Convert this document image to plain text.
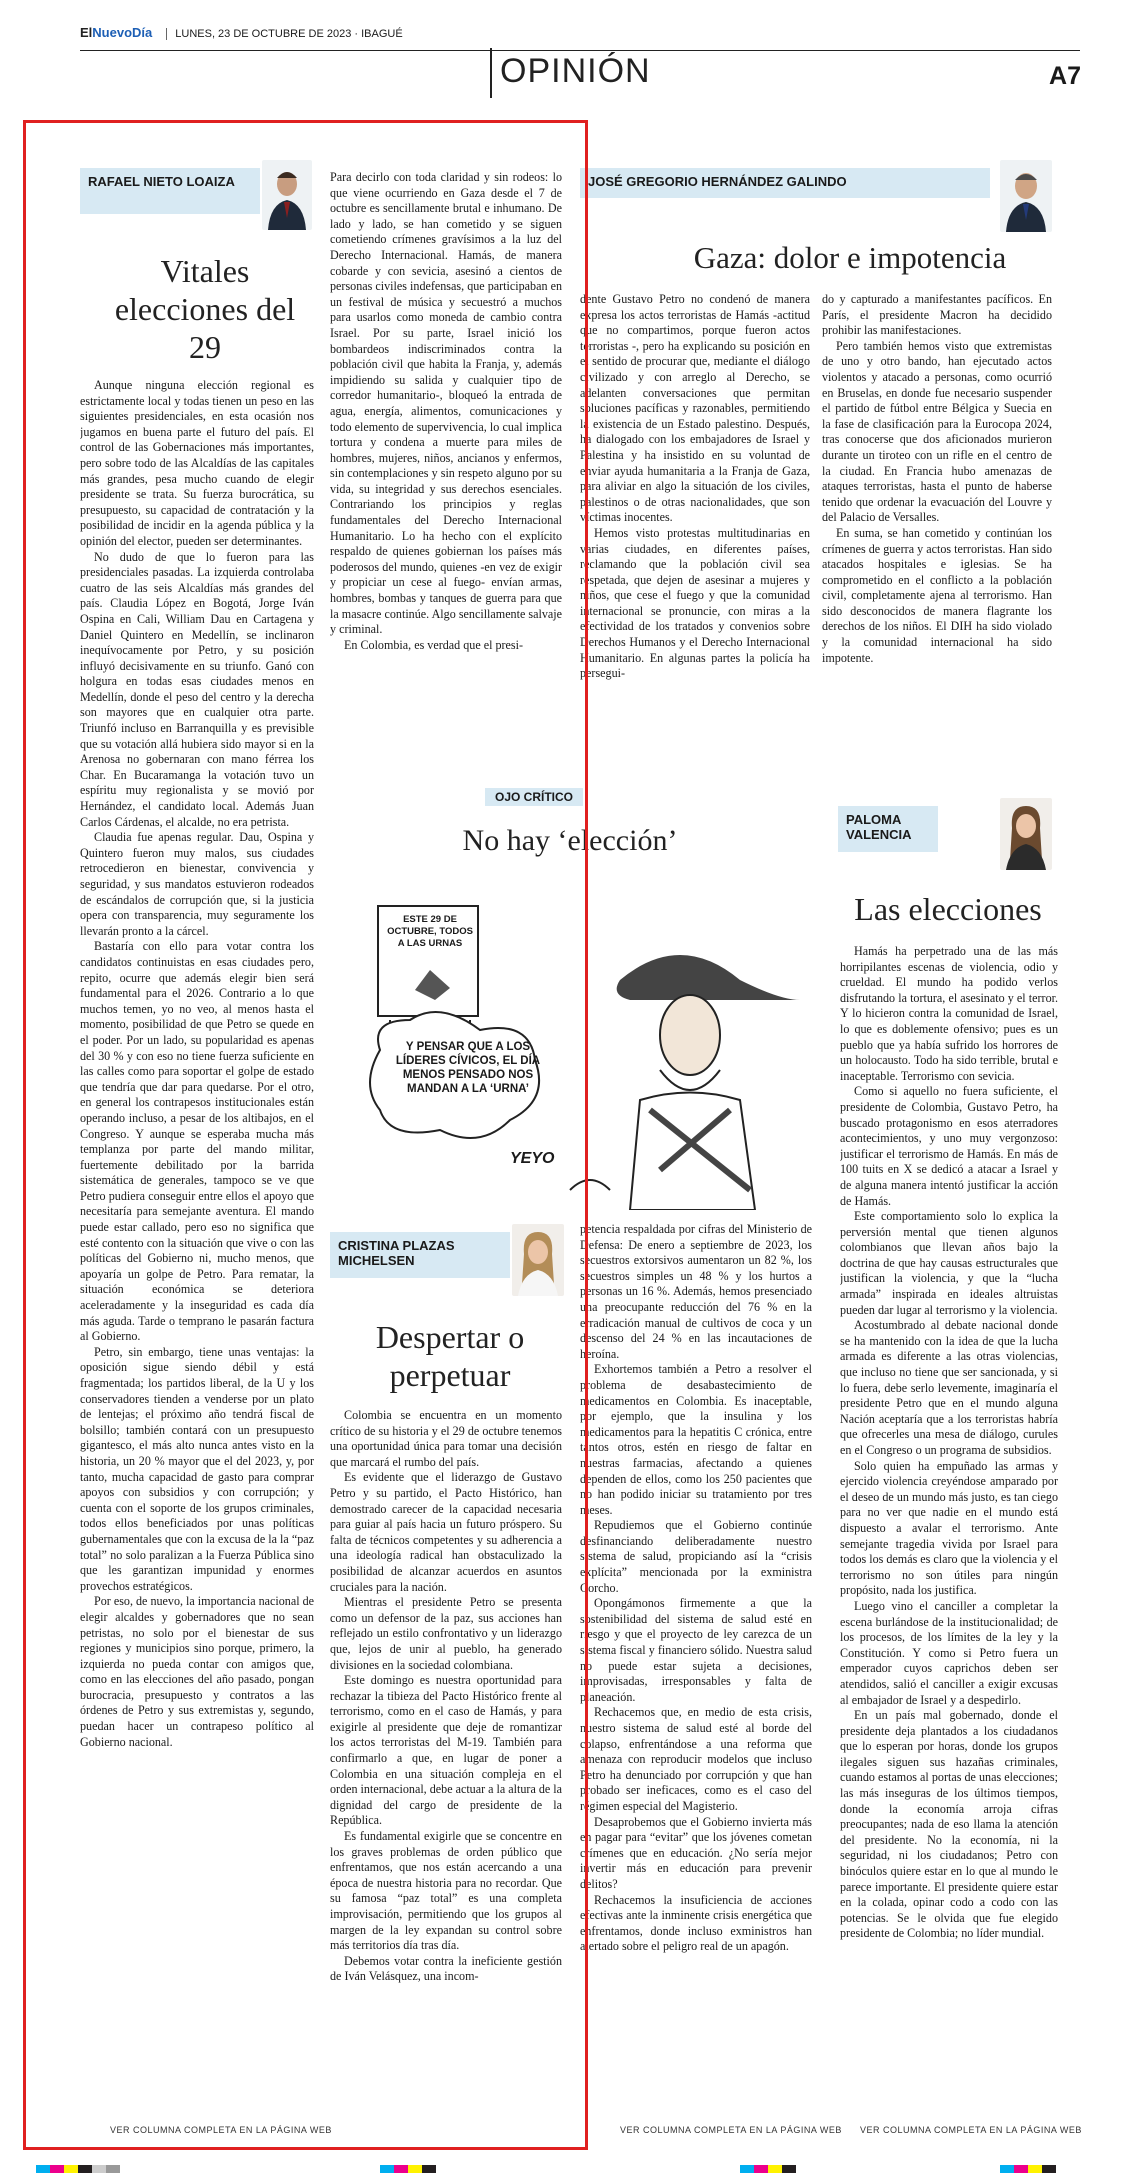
ElNuevoDía LUNES, 23 DE OCTUBRE DE 2023 · IBAGUÉ
OPINIÓN	A7
RAFAEL NIETO LOAIZA
Vitales elecciones del 29

Aunque ninguna elección regional es estrictamente local y todas tienen un peso en las siguientes presidenciales, en esta ocasión nos jugamos en buena parte el futuro del país. El control de las Gobernaciones más importantes, pero sobre todo de las Alcaldías de las capitales más grandes, pesa mucho cuando de elegir presidente se trata. Su fuerza burocrática, su presupuesto, su capacidad de contratación y la posibilidad de incidir en la agenda pública y la opinión del elector, pueden ser determinantes.

No dudo de que lo fueron para las presidenciales pasadas. La izquierda controlaba cuatro de las seis Alcaldías más grandes del país. Claudia López en Bogotá, Jorge Iván Ospina en Cali, William Dau en Cartagena y Daniel Quintero en Medellín, se inclinaron inequívocamente por Petro, y su posición influyó decisivamente en su triunfo. Ganó con holgura en todas esas ciudades menos en Medellín, donde el peso del centro y la derecha son mayores que en cualquier otra parte. Triunfó incluso en Barranquilla y es previsible que su votación allá hubiera sido mayor si en la Arenosa no gobernaran con mano férrea los Char. En Bucaramanga la votación tuvo un espíritu muy regionalista y se movió por Hernández, el candidato local. Además Juan Carlos Cárdenas, el alcalde, no era petrista.

Claudia fue apenas regular. Dau, Ospina y Quintero fueron muy malos, sus ciudades retrocedieron en bienestar, convivencia y seguridad, y sus mandatos estuvieron rodeados de escándalos de corrupción que, si la justicia opera con transparencia, muy seguramente los llevarán pronto a la cárcel.

Bastaría con ello para votar contra los candidatos continuistas en esas ciudades pero, repito, ocurre que además elegir bien será fundamental para el 2026. Contrario a lo que muchos temen, yo no veo, al menos hasta el momento, posibilidad de que Petro se quede en el poder. Por un lado, su popularidad es apenas del 30 % y con eso no tiene fuerza suficiente en las calles como para soportar el golpe de estado que tendría que dar para quedarse. Por el otro, en general los contrapesos institucionales están operando incluso, a pesar de los altibajos, en el Congreso. Y aunque se esperaba mucha más templanza por parte del mando militar, fuertemente debilitado por la barrida sistemática de generales, tampoco se ve que Petro pudiera conseguir entre ellos el apoyo que necesitaría para semejante aventura. El mando puede estar callado, pero eso no significa que esté contento con la situación que vive o con las políticas del Gobierno ni, mucho menos, que apoyaría un golpe de Petro. Para rematar, la situación económica se deteriora aceleradamente y la inseguridad es cada día más aguda. Tarde o temprano le pasarán factura al Gobierno.

Petro, sin embargo, tiene unas ventajas: la oposición sigue siendo débil y está fragmentada; los partidos liberal, de la U y los conservadores tienden a venderse por un plato de lentejas; el próximo año tendrá fiscal de bolsillo; también contará con un presupuesto gigantesco, el más alto nunca antes visto en la historia, un 20 % mayor que el del 2023, y, por tanto, mucha capacidad de gasto para comprar apoyos con subsidios y con corrupción; y cuenta con el soporte de los grupos criminales, todos ellos beneficiados por unas políticas gubernamentales que con la excusa de la la “paz total” no solo paralizan a la Fuerza Pública sino que les garantizan impunidad y enormes provechos estratégicos.

Por eso, de nuevo, la importancia nacional de elegir alcaldes y gobernadores que no sean petristas, no solo por el bienestar de sus regiones y municipios sino porque, primero, la izquierda no pueda contar con amigos que, como en las elecciones del año pasado, pongan burocracia, presupuesto y contratos a las órdenes de Petro y sus extremistas y, segundo, puedan hacer un contrapeso político al Gobierno nacional.

VER COLUMNA COMPLETA EN LA PÁGINA WEB

Para decirlo con toda claridad y sin rodeos: lo que viene ocurriendo en Gaza desde el 7 de octubre es sencillamente brutal e inhumano. De lado y lado, se han cometido y se siguen cometiendo crímenes gravísimos a la luz del Derecho Internacional. Hamás, de manera cobarde y con sevicia, asesinó a cientos de personas civiles indefensas, que participaban en un festival de música y secuestró a muchos para usarlos como moneda de cambio contra Israel. Por su parte, Israel inició los bombardeos indiscriminados contra la población civil que habita la Franja, y, además impidiendo su salida y cualquier tipo de corredor humanitario-, bloqueó la entrada de agua, energía, alimentos, comunicaciones y todo elemento de supervivencia, lo cual implica tortura y condena a muerte para miles de hombres, mujeres, niños, ancianos y enfermos, sin contemplaciones y sin respeto alguno por su vida, su integridad y sus derechos esenciales. Contrariando los principios y reglas fundamentales del Derecho Internacional Humanitario. Lo ha hecho con el explícito respaldo de quienes gobiernan los países más poderosos del mundo, quienes -en vez de exigir y propiciar un cese al fuego- envían armas, hombres, bombas y tanques de guerra para que la masacre continúe. Algo sencillamente salvaje y criminal.

En Colombia, es verdad que el presi-

JOSÉ GREGORIO HERNÁNDEZ GALINDO
Gaza: dolor e impotencia

dente Gustavo Petro no condenó de manera expresa los actos terroristas de Hamás -actitud que no compartimos, porque fueron actos terroristas -, pero ha explicando su posición en el sentido de procurar que, mediante el diálogo civilizado y con arreglo al Derecho, se adelanten conversaciones que permitan soluciones pacíficas y razonables, permitiendo la existencia de un Estado palestino. Después, ha dialogado con los embajadores de Israel y Palestina y ha insistido en su voluntad de enviar ayuda humanitaria a la Franja de Gaza, para aliviar en algo la situación de los civiles, palestinos o de otras nacionalidades, que son víctimas inocentes.

Hemos visto protestas multitudinarias en varias ciudades, en diferentes países, reclamando que la población civil sea respetada, que dejen de asesinar a mujeres y niños, que cese el fuego y que la comunidad internacional se pronuncie, con miras a la efectividad de los tratados y convenios sobre Derechos Humanos y el Derecho Internacional Humanitario. En algunas partes la policía ha persegui-

do y capturado a manifestantes pacíficos. En París, el presidente Macron ha decidido prohibir las manifestaciones.

Pero también hemos visto que extremistas de uno y otro bando, han ejecutado actos violentos y atacado a personas, como ocurrió en Bruselas, en donde fue necesario suspender el partido de fútbol entre Bélgica y Suecia en la fase de clasificación para la Eurocopa 2024, tras conocerse que dos aficionados murieron durante un tiroteo con un rifle en el centro de la ciudad. En Francia hubo amenazas de ataques terroristas, hasta el punto de haberse tenido que ordenar la evacuación del Louvre y del Palacio de Versalles.

En suma, se han cometido y continúan los crímenes de guerra y actos terroristas. Han sido atacados hospitales e iglesias. Se ha comprometido en el conflicto a la población civil, completamente ajena al terrorismo. Han sido desconocidos de manera flagrante los derechos de los niños. El DIH ha sido violado y la comunidad internacional ha sido impotente.

OJO CRÍTICO
No hay ‘elección’
ESTE 29 DE OCTUBRE, TODOS A LAS URNAS
Y PENSAR QUE A LOS LÍDERES CÍVICOS, EL DÍA MENOS PENSADO NOS MANDAN A LA ‘URNA’
YEYO
CRISTINA PLAZAS MICHELSEN
Despertar o perpetuar

Colombia se encuentra en un momento crítico de su historia y el 29 de octubre tenemos una oportunidad única para tomar una decisión que marcará el rumbo del país.

Es evidente que el liderazgo de Gustavo Petro y su partido, el Pacto Histórico, han demostrado carecer de la capacidad necesaria para guiar al país hacia un futuro próspero. Su falta de técnicos competentes y su adherencia a una ideología radical han obstaculizado la posibilidad de alcanzar acuerdos en asuntos cruciales para la nación.

Mientras el presidente Petro se presenta como un defensor de la paz, sus acciones han reflejado un estilo confrontativo y un liderazgo que, lejos de unir al pueblo, ha generado divisiones en la sociedad colombiana.

Este domingo es nuestra oportunidad para rechazar la tibieza del Pacto Histórico frente al terrorismo, como en el caso de Hamás, y para exigirle al presidente que deje de romantizar los actos terroristas del M-19. También para confirmarlo a que, en lugar de poner a Colombia en una situación compleja en el orden internacional, debe actuar a la altura de la dignidad del cargo de presidente de la República.

Es fundamental exigirle que se concentre en los graves problemas de orden público que enfrentamos, que nos están acercando a una época de nuestra historia para no recordar. Que su famosa “paz total” es una completa improvisación, permitiendo que los grupos al margen de la ley expandan su control sobre más territorios día tras día.

Debemos votar contra la ineficiente gestión de Iván Velásquez, una incom-

petencia respaldada por cifras del Ministerio de Defensa: De enero a septiembre de 2023, los secuestros extorsivos aumentaron un 82 %, los secuestros simples un 48 % y los hurtos a personas un 16 %. Además, hemos presenciado una preocupante reducción del 76 % en la erradicación manual de cultivos de coca y un descenso del 24 % en las incautaciones de heroína.

Exhortemos también a Petro a resolver el problema de desabastecimiento de medicamentos en Colombia. Es inaceptable, por ejemplo, que la insulina y los medicamentos para la hepatitis C crónica, entre tantos otros, estén en riesgo de faltar en nuestras farmacias, afectando a quienes dependen de ellos, como los 250 pacientes que no han podido iniciar su tratamiento por tres meses.

Repudiemos que el Gobierno continúe desfinanciando deliberadamente nuestro sistema de salud, propiciando así la “crisis explícita” mencionada por la exministra Corcho.

Opongámonos firmemente a que la sostenibilidad del sistema de salud esté en riesgo y que el proyecto de ley carezca de un sistema fiscal y financiero sólido. Nuestra salud no puede estar sujeta a decisiones, improvisadas, irresponsables y falta de planeación.

Rechacemos que, en medio de esta crisis, nuestro sistema de salud esté al borde del colapso, enfrentándose a una reforma que amenaza con reproducir modelos que incluso Petro ha denunciado por corrupción y que han probado ser ineficaces, como es el caso del régimen especial del Magisterio.

Desaprobemos que el Gobierno invierta más en pagar para “evitar” que los jóvenes cometan crímenes que en educación. ¿No sería mejor invertir más en educación para prevenir delitos?

Rechacemos la insuficiencia de acciones efectivas ante la inminente crisis energética que enfrentamos, donde incluso exministros han alertado sobre el peligro real de un apagón.

VER COLUMNA COMPLETA EN LA PÁGINA WEB
PALOMA VALENCIA
Las elecciones

Hamás ha perpetrado una de las más horripilantes escenas de violencia, odio y crueldad. El mundo ha podido verlos disfrutando la tortura, el asesinato y el terror. Y lo hicieron contra la comunidad de Israel, lo que es doblemente ofensivo; pues es un pueblo que ya había sufrido los horrores de un holocausto. Todo ha sido terrible, brutal e inaceptable. Terrorismo con sevicia.

Como si aquello no fuera suficiente, el presidente de Colombia, Gustavo Petro, ha buscado protagonismo en esos aterradores acontecimientos, y uno muy vergonzoso: justificar el terrorismo de Hamás. En más de 100 tuits en X se dedicó a atacar a Israel y de alguna manera intentó justificar la acción de Hamás.

Este comportamiento solo lo explica la perversión mental que tienen algunos colombianos que llevan años bajo la doctrina de que hay causas estructurales que justifican la violencia, y que la “lucha armada” inspirada en ideales altruistas pueden dar lugar al terrorismo y la violencia.

Acostumbrado al debate nacional donde se ha mantenido con la idea de que la lucha armada es diferente a las otras violencias, que incluso no tiene que ser sancionada, y si lo fuera, debe serlo levemente, imaginaría el presidente Petro que en el mundo alguna Nación aceptaría que a los terroristas habría que ofrecerles una mesa de diálogo, curules en el Congreso o un programa de subsidios.

Solo quien ha empuñado las armas y ejercido violencia creyéndose amparado por el deseo de un mundo más justo, es tan ciego para no ver que nadie en el mundo está dispuesto a avalar el terrorismo. Ante semejante tragedia vivida por Israel para todos los demás es claro que la violencia y el terrorismo no son útiles para ningún propósito, nada los justifica.

Luego vino el canciller a completar la escena burlándose de la institucionalidad; de los procesos, de los límites de la ley y la Constitución. Y como si Petro fuera un emperador cuyos caprichos deben ser atendidos, salió el canciller a exigir excusas al embajador de Israel y a despedirlo.

En un país mal gobernado, donde el presidente deja plantados a los ciudadanos que lo esperan por horas, donde los grupos ilegales siguen sus hazañas criminales, cuando estamos al portas de unas elecciones; las más inseguras de los últimos tiempos, donde la economía arroja cifras preocupantes; nada de eso llama la atención del presidente. No la economía, ni la seguridad, ni los ciudadanos; Petro con binóculos quiere estar en lo que al mundo le parece importante. El presidente quiere estar en la colada, opinar codo a codo con las potencias. Se le olvida que fue elegido presidente de Colombia; no líder mundial.

VER COLUMNA COMPLETA EN LA PÁGINA WEB
